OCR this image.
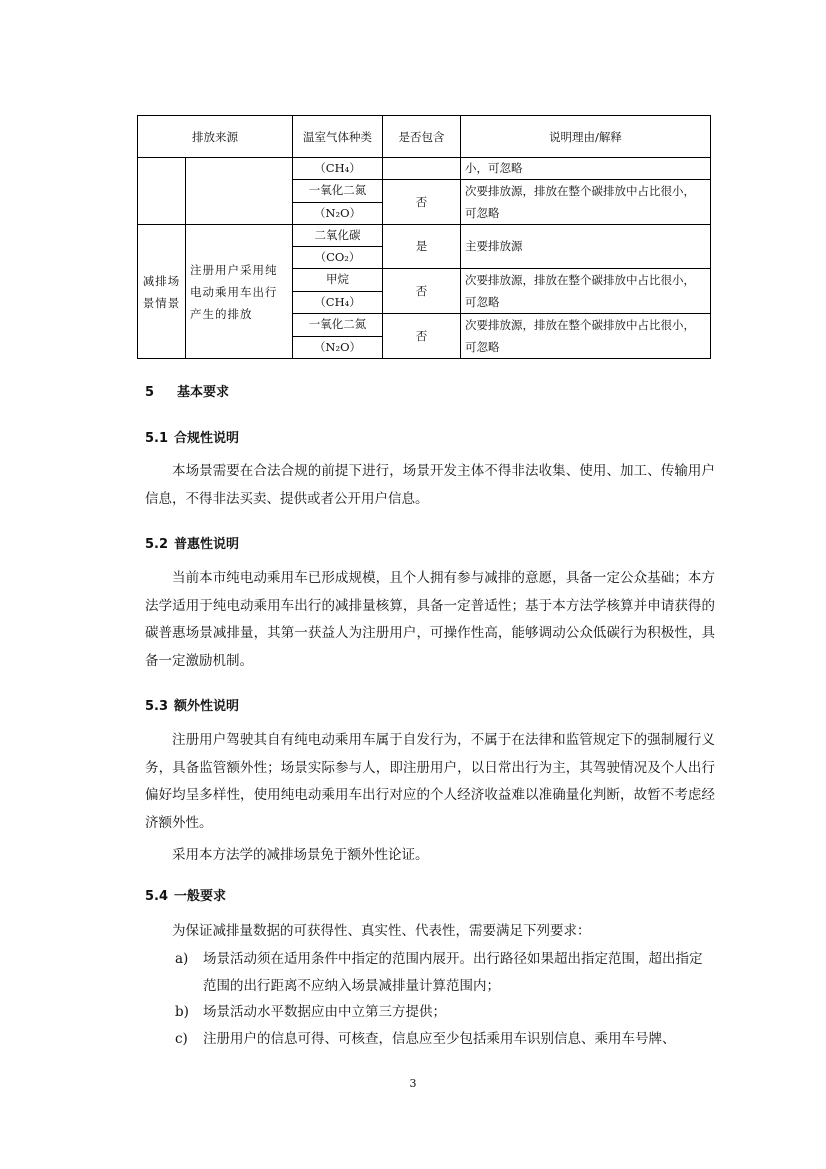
排放来源		温室气体种类	是否包含	说明理由/解释
		（CH₄）		小，可忽略
		一氧化二氮	否	次要排放源，排放在整个碳排放中占比很小，可忽略
		（N₂O）		
减排场景情景	注册用户采用纯电动乘用车出行产生的排放	二氧化碳	是	主要排放源
		（CO₂）		
		甲烷	否	次要排放源，排放在整个碳排放中占比很小，可忽略
		（CH₄）		
		一氧化二氮	否	次要排放源，排放在整个碳排放中占比很小，可忽略
		（N₂O）		
5 基本要求
5.1 合规性说明

本场景需要在合法合规的前提下进行，场景开发主体不得非法收集、使用、加工、传输用户信息，不得非法买卖、提供或者公开用户信息。

5.2 普惠性说明

当前本市纯电动乘用车已形成规模，且个人拥有参与减排的意愿，具备一定公众基础；本方法学适用于纯电动乘用车出行的减排量核算，具备一定普适性；基于本方法学核算并申请获得的碳普惠场景减排量，其第一获益人为注册用户，可操作性高，能够调动公众低碳行为积极性，具备一定激励机制。

5.3 额外性说明

注册用户驾驶其自有纯电动乘用车属于自发行为，不属于在法律和监管规定下的强制履行义务，具备监管额外性；场景实际参与人，即注册用户，以日常出行为主，其驾驶情况及个人出行偏好均呈多样性，使用纯电动乘用车出行对应的个人经济收益难以准确量化判断，故暂不考虑经济额外性。

采用本方法学的减排场景免于额外性论证。

5.4 一般要求

为保证减排量数据的可获得性、真实性、代表性，需要满足下列要求：

a) 场景活动须在适用条件中指定的范围内展开。出行路径如果超出指定范围，超出指定范围的出行距离不应纳入场景减排量计算范围内；
b) 场景活动水平数据应由中立第三方提供；
c) 注册用户的信息可得、可核查，信息应至少包括乘用车识别信息、乘用车号牌、
3
